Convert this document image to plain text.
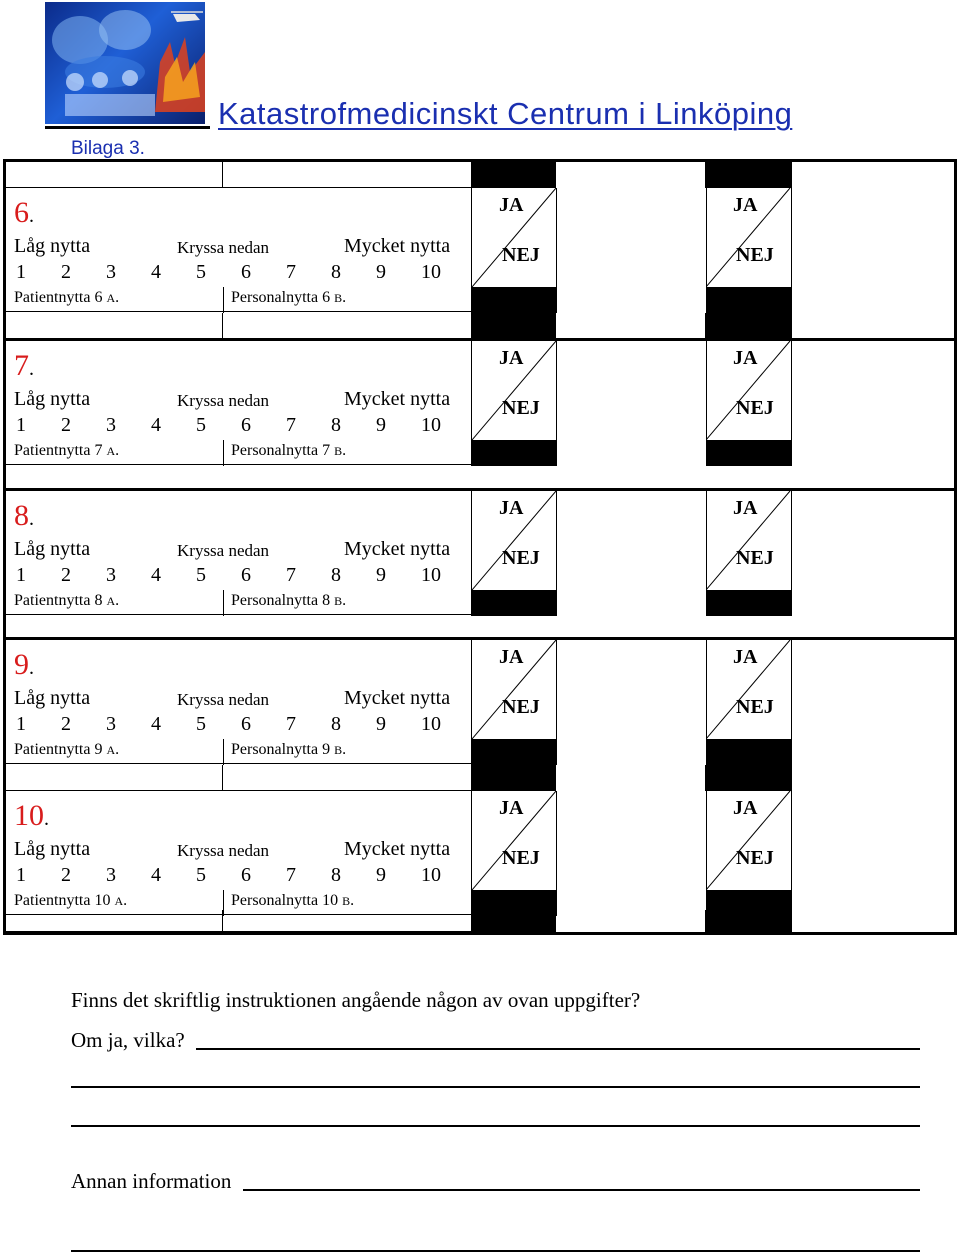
Katastrofmedicinskt Centrum i Linköping
Bilaga 3.
6.
Låg nytta	Kryssa nedan	Mycket nytta
1 2 3 4 5 6 7 8 9 10
Patientnytta 6 A.	Personalnytta 6 B.
JA
NEJ
JA
NEJ
7.
Låg nytta	Kryssa nedan	Mycket nytta
1 2 3 4 5 6 7 8 9 10
Patientnytta 7 A.	Personalnytta 7 B.
JA
NEJ
JA
NEJ
8.
Låg nytta	Kryssa nedan	Mycket nytta
1 2 3 4 5 6 7 8 9 10
Patientnytta 8 A.	Personalnytta 8 B.
JA
NEJ
JA
NEJ
9.
Låg nytta	Kryssa nedan	Mycket nytta
1 2 3 4 5 6 7 8 9 10
Patientnytta 9 A.	Personalnytta 9 B.
JA
NEJ
JA
NEJ
10.
Låg nytta	Kryssa nedan	Mycket nytta
1 2 3 4 5 6 7 8 9 10
Patientnytta 10 A.	Personalnytta 10 B.
JA
NEJ
JA
NEJ
Finns det skriftlig instruktionen angående någon av ovan uppgifter?
Om ja, vilka?
Annan information
